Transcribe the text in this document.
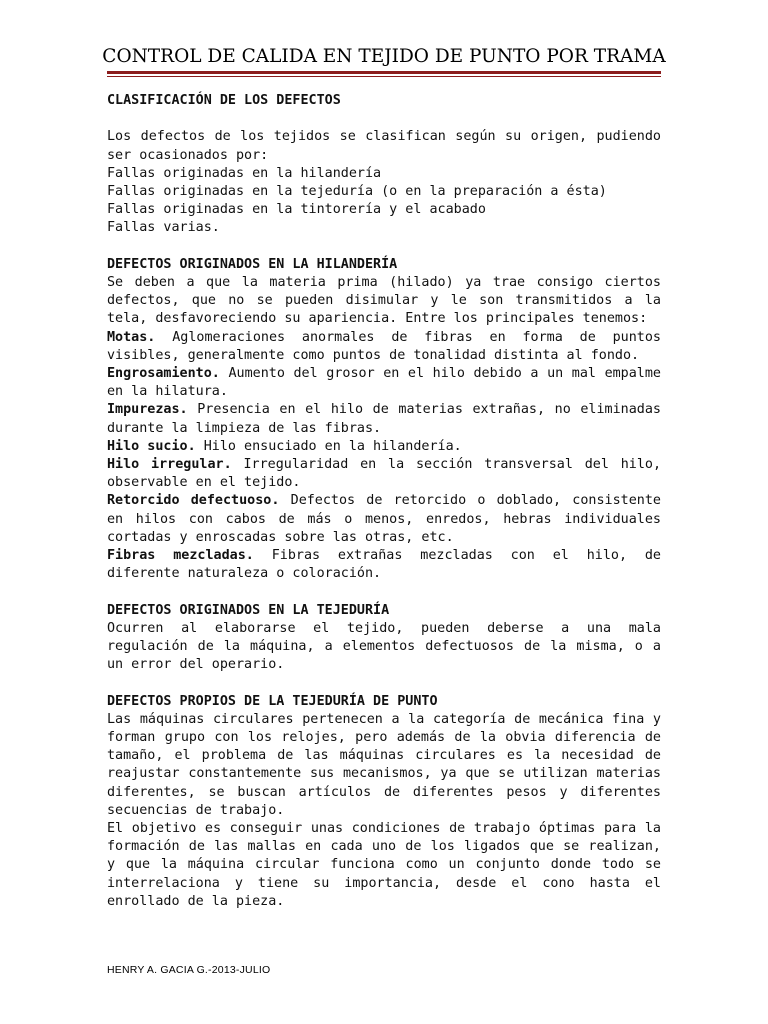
CONTROL DE CALIDA EN TEJIDO DE PUNTO POR TRAMA

CLASIFICACIÓN DE LOS DEFECTOS

Los defectos de los tejidos se clasifican según su origen, pudiendo ser ocasionados por:

Fallas originadas en la hilandería

Fallas originadas en la tejeduría (o en la preparación a ésta)

Fallas originadas en la tintorería y el acabado

Fallas varias.

DEFECTOS ORIGINADOS EN LA HILANDERÍA

Se deben a que la materia prima (hilado) ya trae consigo ciertos defectos, que no se pueden disimular y le son transmitidos a la tela, desfavoreciendo su apariencia. Entre los principales tenemos:

Motas. Aglomeraciones anormales de fibras en forma de puntos visibles, generalmente como puntos de tonalidad distinta al fondo.

Engrosamiento. Aumento del grosor en el hilo debido a un mal empalme en la hilatura.

Impurezas. Presencia en el hilo de materias extrañas, no eliminadas durante la limpieza de las fibras.

Hilo sucio. Hilo ensuciado en la hilandería.

Hilo irregular. Irregularidad en la sección transversal del hilo, observable en el tejido.

Retorcido defectuoso. Defectos de retorcido o doblado, consistente en hilos con cabos de más o menos, enredos, hebras individuales cortadas y enroscadas sobre las otras, etc.

Fibras mezcladas. Fibras extrañas mezcladas con el hilo, de diferente naturaleza o coloración.

DEFECTOS ORIGINADOS EN LA TEJEDURÍA

Ocurren al elaborarse el tejido, pueden deberse a una mala regulación de la máquina, a elementos defectuosos de la misma, o a un error del operario.

DEFECTOS PROPIOS DE LA TEJEDURÍA DE PUNTO

Las máquinas circulares pertenecen a la categoría de mecánica fina y forman grupo con los relojes, pero además de la obvia diferencia de tamaño, el problema de las máquinas circulares es la necesidad de reajustar constantemente sus mecanismos, ya que se utilizan materias diferentes, se buscan artículos de diferentes pesos y diferentes secuencias de trabajo.

El objetivo es conseguir unas condiciones de trabajo óptimas para la formación de las mallas en cada uno de los ligados que se realizan, y que la máquina circular funciona como un conjunto donde todo se interrelaciona y tiene su importancia, desde el cono hasta el enrollado de la pieza.

HENRY A. GACIA G.-2013-JULIO
